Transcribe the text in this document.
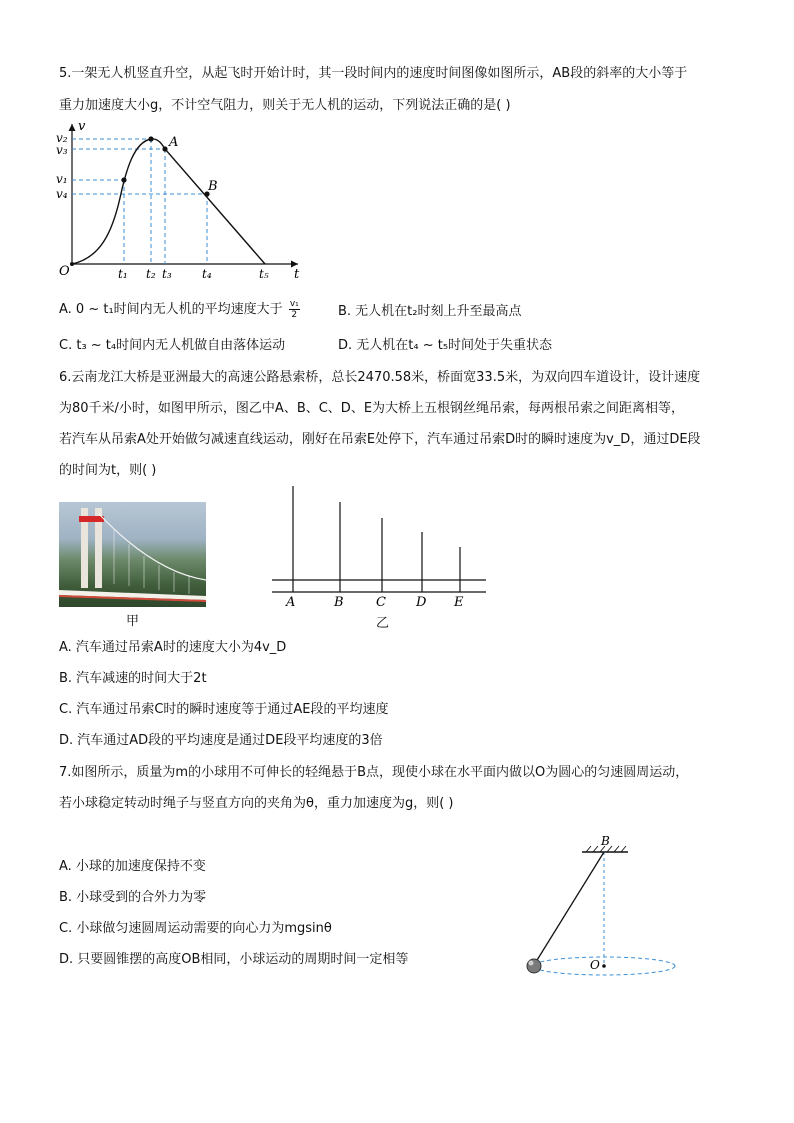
5.一架无人机竖直升空，从起飞时开始计时，其一段时间内的速度时间图像如图所示，AB段的斜率的大小等于
重力加速度大小g，不计空气阻力，则关于无人机的运动，下列说法正确的是( )
v
t
O
A
B
v₂
v₃
v₁
v₄
t₁ t₂ t₃	t₄	t₅
A. 0 ~ t₁时间内无人机的平均速度大于 $\frac{\text{v₁}}{2}$	B. 无人机在t₂时刻上升至最高点
C. t₃ ~ t₄时间内无人机做自由落体运动	D. 无人机在t₄ ~ t₅时间处于失重状态
6.云南龙江大桥是亚洲最大的高速公路悬索桥，总长2470.58米，桥面宽33.5米，为双向四车道设计，设计速度
为80千米/小时，如图甲所示，图乙中A、B、C、D、E为大桥上五根钢丝绳吊索，每两根吊索之间距离相等，
若汽车从吊索A处开始做匀减速直线运动，刚好在吊索E处停下，汽车通过吊索D时的瞬时速度为v_D，通过DE段
的时间为t，则( )
甲
A	B C D E
乙
A. 汽车通过吊索A时的速度大小为4v_D
B. 汽车减速的时间大于2t
C. 汽车通过吊索C时的瞬时速度等于通过AE段的平均速度
D. 汽车通过AD段的平均速度是通过DE段平均速度的3倍
7.如图所示，质量为m的小球用不可伸长的轻绳悬于B点，现使小球在水平面内做以O为圆心的匀速圆周运动，
若小球稳定转动时绳子与竖直方向的夹角为θ，重力加速度为g，则( )
A. 小球的加速度保持不变
B. 小球受到的合外力为零
C. 小球做匀速圆周运动需要的向心力为mgsinθ
D. 只要圆锥摆的高度OB相同，小球运动的周期时间一定相等
B
O
